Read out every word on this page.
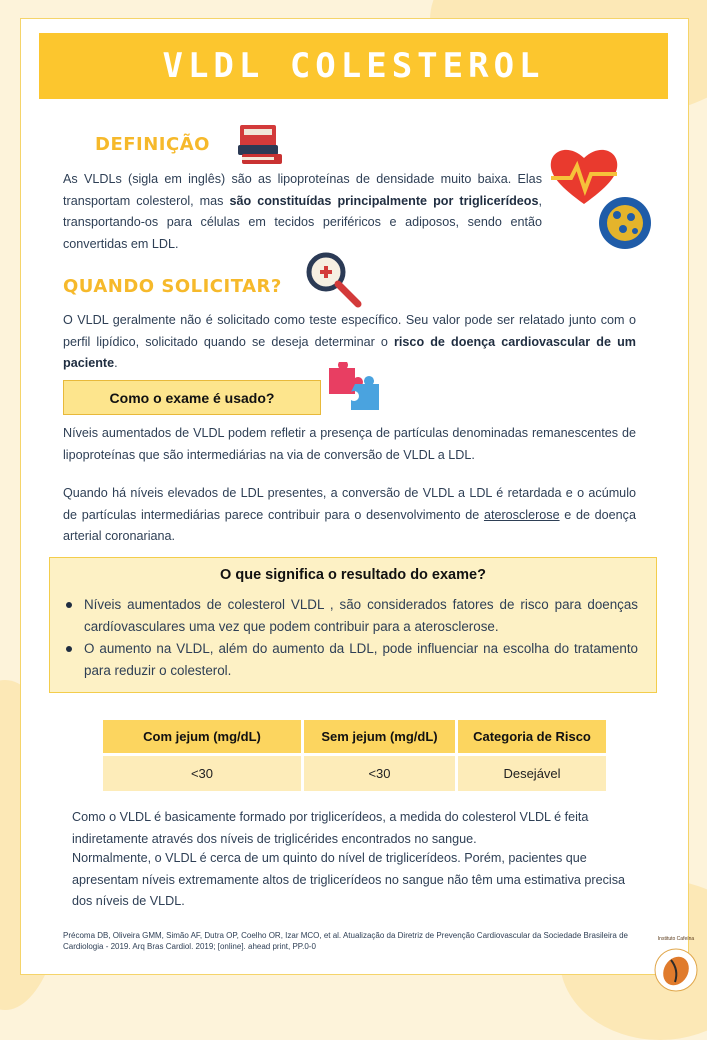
VLDL COLESTEROL
DEFINIÇÃO
As VLDLs (sigla em inglês) são as lipoproteínas de densidade muito baixa. Elas transportam colesterol, mas são constituídas principalmente por triglicerídeos, transportando-os para células em tecidos periféricos e adiposos, sendo então convertidas em LDL.
QUANDO SOLICITAR?
O VLDL geralmente não é solicitado como teste específico. Seu valor pode ser relatado junto com o perfil lipídico, solicitado quando se deseja determinar o risco de doença cardiovascular de um paciente.
Como o exame é usado?
Níveis aumentados de VLDL podem refletir a presença de partículas denominadas remanescentes de lipoproteínas que são intermediárias na via de conversão de VLDL a LDL.
Quando há níveis elevados de LDL presentes, a conversão de VLDL a LDL é retardada e o acúmulo de partículas intermediárias parece contribuir para o desenvolvimento de aterosclerose e de doença arterial coronariana.
O que significa o resultado do exame?
Níveis aumentados de colesterol VLDL , são considerados fatores de risco para doenças cardíovasculares uma vez que podem contribuir para a aterosclerose.
O aumento na VLDL, além do aumento da LDL, pode influenciar na escolha do tratamento para reduzir o colesterol.
Com jejum (mg/dL)	Sem jejum (mg/dL)	Categoria de Risco
<30	<30	Desejável
Como o VLDL é basicamente formado por triglicerídeos, a medida do colesterol VLDL é feita indiretamente através dos níveis de triglicérides encontrados no sangue.
Normalmente, o VLDL é cerca de um quinto do nível de triglicerídeos. Porém, pacientes que apresentam níveis extremamente altos de triglicerídeos no sangue não têm uma estimativa precisa dos níveis de VLDL.
Précoma DB, Oliveira GMM, Simão AF, Dutra OP, Coelho OR, Izar MCO, et al. Atualização da Diretriz de Prevenção Cardiovascular da Sociedade Brasileira de Cardiologia - 2019. Arq Bras Cardiol. 2019; [online]. ahead print, PP.0-0
Instituto Cafeína
